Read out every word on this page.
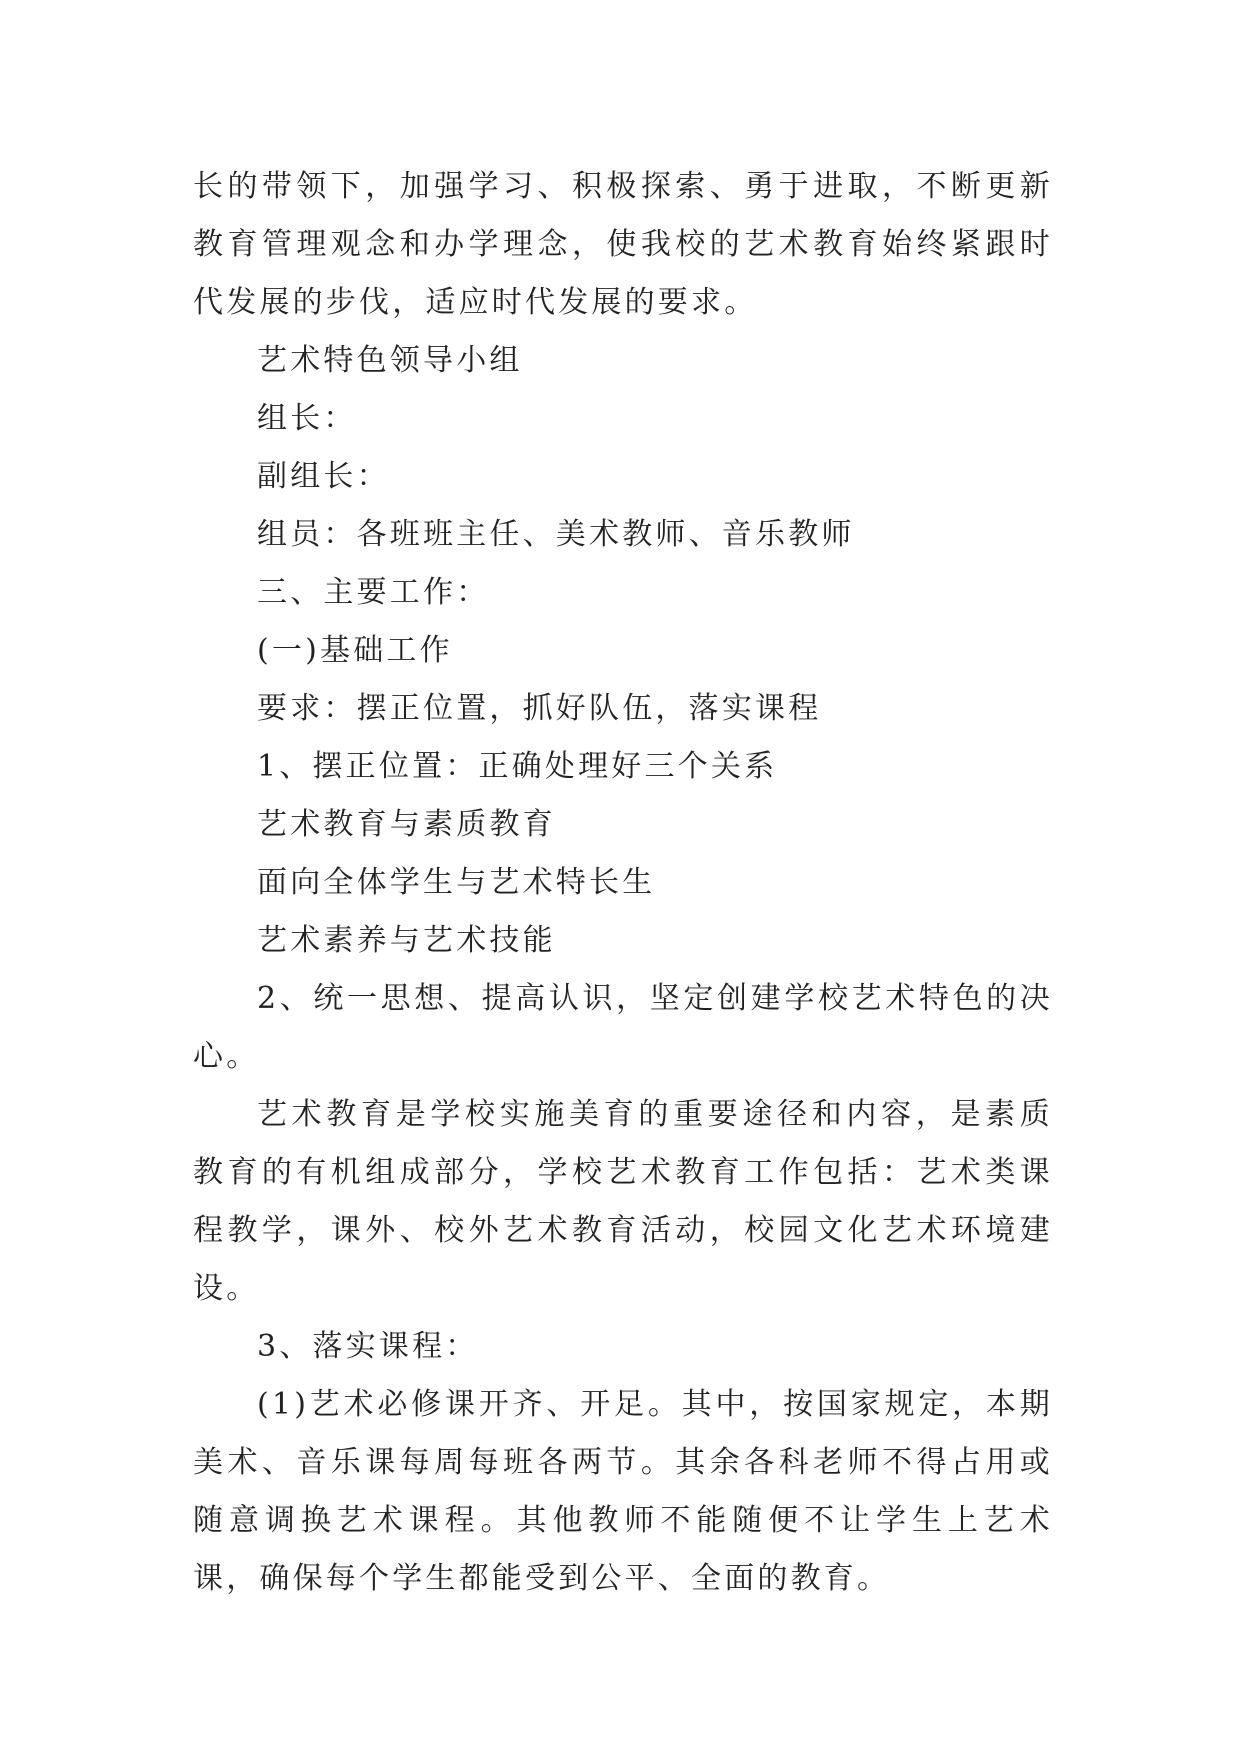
长的带领下，加强学习、积极探索、勇于进取，不断更新教育管理观念和办学理念，使我校的艺术教育始终紧跟时代发展的步伐，适应时代发展的要求。

艺术特色领导小组

组长：

副组长：

组员：各班班主任、美术教师、音乐教师

三、主要工作：

(一)基础工作

要求：摆正位置，抓好队伍，落实课程

1、摆正位置：正确处理好三个关系

艺术教育与素质教育

面向全体学生与艺术特长生

艺术素养与艺术技能

2、统一思想、提高认识，坚定创建学校艺术特色的决心。

艺术教育是学校实施美育的重要途径和内容，是素质教育的有机组成部分，学校艺术教育工作包括：艺术类课程教学，课外、校外艺术教育活动，校园文化艺术环境建设。

3、落实课程：

(1)艺术必修课开齐、开足。其中，按国家规定，本期美术、音乐课每周每班各两节。其余各科老师不得占用或随意调换艺术课程。其他教师不能随便不让学生上艺术课，确保每个学生都能受到公平、全面的教育。
